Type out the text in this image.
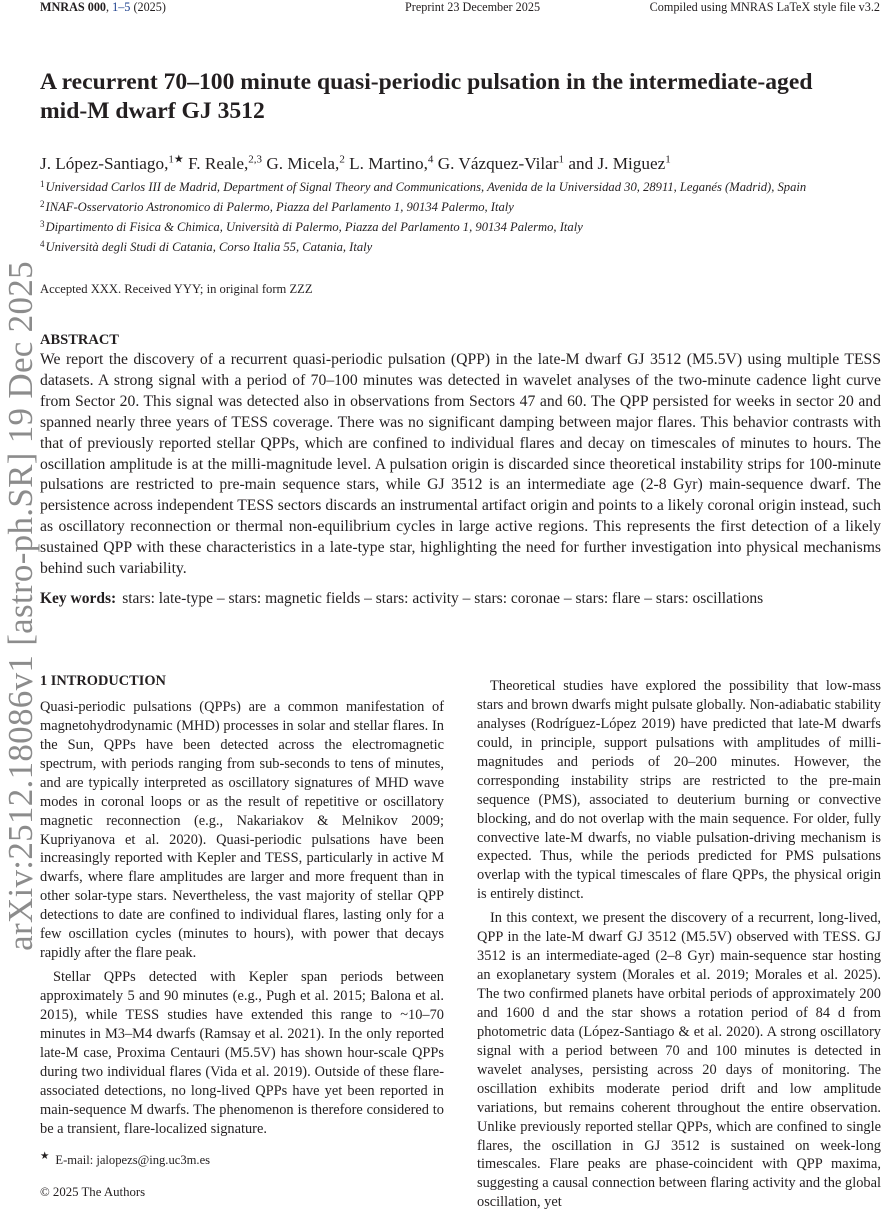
MNRAS 000, 1–5 (2025)	Preprint 23 December 2025	Compiled using MNRAS LaTeX style file v3.2
arXiv:2512.18086v1 [astro-ph.SR] 19 Dec 2025
A recurrent 70–100 minute quasi-periodic pulsation in the intermediate-aged mid-M dwarf GJ 3512
J. López-Santiago,$^{1★}$ F. Reale,$^{2,3}$ G. Micela,$^2$ L. Martino,$^4$ G. Vázquez-Vilar$^1$ and J. Miguez$^1$
$^1$Universidad Carlos III de Madrid, Department of Signal Theory and Communications, Avenida de la Universidad 30, 28911, Leganés (Madrid), Spain
$^2$INAF-Osservatorio Astronomico di Palermo, Piazza del Parlamento 1, 90134 Palermo, Italy
$^3$Dipartimento di Fisica & Chimica, Università di Palermo, Piazza del Parlamento 1, 90134 Palermo, Italy
$^4$Università degli Studi di Catania, Corso Italia 55, Catania, Italy
Accepted XXX. Received YYY; in original form ZZZ
ABSTRACT
We report the discovery of a recurrent quasi-periodic pulsation (QPP) in the late-M dwarf GJ 3512 (M5.5V) using multiple TESS datasets. A strong signal with a period of 70–100 minutes was detected in wavelet analyses of the two-minute cadence light curve from Sector 20. This signal was detected also in observations from Sectors 47 and 60. The QPP persisted for weeks in sector 20 and spanned nearly three years of TESS coverage. There was no significant damping between major flares. This behavior contrasts with that of previously reported stellar QPPs, which are confined to individual flares and decay on timescales of minutes to hours. The oscillation amplitude is at the milli-magnitude level. A pulsation origin is discarded since theoretical instability strips for 100-minute pulsations are restricted to pre-main sequence stars, while GJ 3512 is an intermediate age (2-8 Gyr) main-sequence dwarf. The persistence across independent TESS sectors discards an instrumental artifact origin and points to a likely coronal origin instead, such as oscillatory reconnection or thermal non-equilibrium cycles in large active regions. This represents the first detection of a likely sustained QPP with these characteristics in a late-type star, highlighting the need for further investigation into physical mechanisms behind such variability.
Key words: stars: late-type – stars: magnetic fields – stars: activity – stars: coronae – stars: flare – stars: oscillations
1 INTRODUCTION

Quasi-periodic pulsations (QPPs) are a common manifestation of magnetohydrodynamic (MHD) processes in solar and stellar flares. In the Sun, QPPs have been detected across the electromagnetic spectrum, with periods ranging from sub-seconds to tens of minutes, and are typically interpreted as oscillatory signatures of MHD wave modes in coronal loops or as the result of repetitive or oscillatory magnetic reconnection (e.g., Nakariakov & Melnikov 2009; Kupriyanova et al. 2020). Quasi-periodic pulsations have been increasingly reported with Kepler and TESS, particularly in active M dwarfs, where flare amplitudes are larger and more frequent than in other solar-type stars. Nevertheless, the vast majority of stellar QPP detections to date are confined to individual flares, lasting only for a few oscillation cycles (minutes to hours), with power that decays rapidly after the flare peak.

Stellar QPPs detected with Kepler span periods between approximately 5 and 90 minutes (e.g., Pugh et al. 2015; Balona et al. 2015), while TESS studies have extended this range to ~10–70 minutes in M3–M4 dwarfs (Ramsay et al. 2021). In the only reported late-M case, Proxima Centauri (M5.5V) has shown hour-scale QPPs during two individual flares (Vida et al. 2019). Outside of these flare-associated detections, no long-lived QPPs have yet been reported in main-sequence M dwarfs. The phenomenon is therefore considered to be a transient, flare-localized signature.

Theoretical studies have explored the possibility that low-mass stars and brown dwarfs might pulsate globally. Non-adiabatic stability analyses (Rodríguez-López 2019) have predicted that late-M dwarfs could, in principle, support pulsations with amplitudes of milli-magnitudes and periods of 20–200 minutes. However, the corresponding instability strips are restricted to the pre-main sequence (PMS), associated to deuterium burning or convective blocking, and do not overlap with the main sequence. For older, fully convective late-M dwarfs, no viable pulsation-driving mechanism is expected. Thus, while the periods predicted for PMS pulsations overlap with the typical timescales of flare QPPs, the physical origin is entirely distinct.

In this context, we present the discovery of a recurrent, long-lived, QPP in the late-M dwarf GJ 3512 (M5.5V) observed with TESS. GJ 3512 is an intermediate-aged (2–8 Gyr) main-sequence star hosting an exoplanetary system (Morales et al. 2019; Morales et al. 2025). The two confirmed planets have orbital periods of approximately 200 and 1600 d and the star shows a rotation period of 84 d from photometric data (López-Santiago & et al. 2020). A strong oscillatory signal with a period between 70 and 100 minutes is detected in wavelet analyses, persisting across 20 days of monitoring. The oscillation exhibits moderate period drift and low amplitude variations, but remains coherent throughout the entire observation. Unlike previously reported stellar QPPs, which are confined to single flares, the oscillation in GJ 3512 is sustained on week-long timescales. Flare peaks are phase-coincident with QPP maxima, suggesting a causal connection between flaring activity and the global oscillation, yet

★ E-mail: jalopezs@ing.uc3m.es
© 2025 The Authors
